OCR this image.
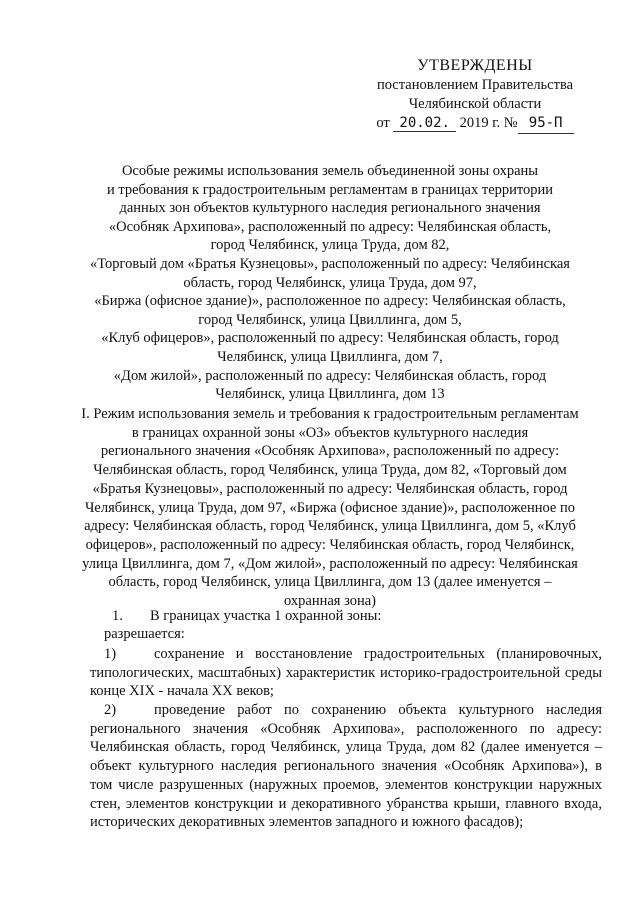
УТВЕРЖДЕНЫ
постановлением Правительства
Челябинской области
от 20.02. 2019 г. № 95-П
Особые режимы использования земель объединенной зоны охраны
и требования к градостроительным регламентам в границах территории
данных зон объектов культурного наследия регионального значения
«Особняк Архипова», расположенный по адресу: Челябинская область,
город Челябинск, улица Труда, дом 82,
«Торговый дом «Братья Кузнецовы», расположенный по адресу: Челябинская
область, город Челябинск, улица Труда, дом 97,
«Биржа (офисное здание)», расположенное по адресу: Челябинская область,
город Челябинск, улица Цвиллинга, дом 5,
«Клуб офицеров», расположенный по адресу: Челябинская область, город
Челябинск, улица Цвиллинга, дом 7,
«Дом жилой», расположенный по адресу: Челябинская область, город
Челябинск, улица Цвиллинга, дом 13
I. Режим использования земель и требования к градостроительным регламентам
в границах охранной зоны «ОЗ» объектов культурного наследия
регионального значения «Особняк Архипова», расположенный по адресу:
Челябинская область, город Челябинск, улица Труда, дом 82, «Торговый дом
«Братья Кузнецовы», расположенный по адресу: Челябинская область, город
Челябинск, улица Труда, дом 97, «Биржа (офисное здание)», расположенное по
адресу: Челябинская область, город Челябинск, улица Цвиллинга, дом 5, «Клуб
офицеров», расположенный по адресу: Челябинская область, город Челябинск,
улица Цвиллинга, дом 7, «Дом жилой», расположенный по адресу: Челябинская
область, город Челябинск, улица Цвиллинга, дом 13 (далее именуется –
охранная зона)
1. В границах участка 1 охранной зоны:
разрешается:
1)	сохранение и восстановление градостроительных (планировочных, типологических, масштабных) характеристик историко-градостроительной среды конце XIX - начала XX веков;
2)	проведение работ по сохранению объекта культурного наследия регионального значения «Особняк Архипова», расположенного по адресу: Челябинская область, город Челябинск, улица Труда, дом 82 (далее именуется – объект культурного наследия регионального значения «Особняк Архипова»), в том числе разрушенных (наружных проемов, элементов конструкции наружных стен, элементов конструкции и декоративного убранства крыши, главного входа, исторических декоративных элементов западного и южного фасадов);
